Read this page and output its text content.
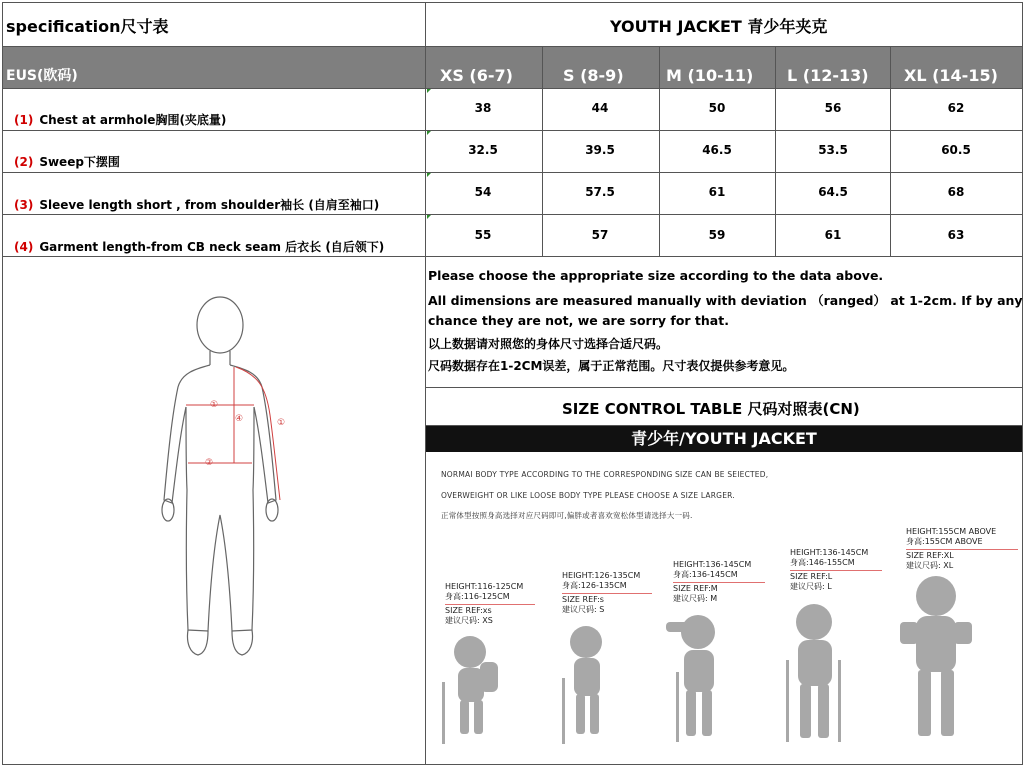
specification尺寸表	YOUTH JACKET 青少年夹克
EUS(欧码)	XS (6-7)	S (8-9)	M (10-11) L (12-13) XL (14-15)
(1) Chest at armhole胸围(夹底量)
38	44	50	56	62
(2) Sweep下摆围
32.5	39.5	46.5	53.5	60.5
(3) Sleeve length short , from shoulder袖长 (自肩至袖口)
54	57.5	61	64.5	68
(4) Garment length-from CB neck seam 后衣长 (自后领下)
55	57	59	61	63
①
②
④	①
Please choose the appropriate size according to the data above.
All dimensions are measured manually with deviation （ranged） at 1-2cm. If by any
chance they are not, we are sorry for that.
以上数据请对照您的身体尺寸选择合适尺码。
尺码数据存在1-2CM误差，属于正常范围。尺寸表仅提供参考意见。
SIZE CONTROL TABLE 尺码对照表(CN)
青少年/YOUTH JACKET
NORMAI BODY TYPE ACCORDING TO THE CORRESPONDING SIZE CAN BE SEIECTED,
OVERWEIGHT OR LIKE LOOSE BODY TYPE PLEASE CHOOSE A SIZE LARGER.
正常体型按照身高选择对应尺码即可,偏胖或者喜欢宽松体型请选择大一码.
HEIGHT:116-125CM
身高:116-125CM
SIZE REF:xs
建议尺码: XS
HEIGHT:126-135CM
身高:126-135CM
SIZE REF:s
建议尺码: S
HEIGHT:136-145CM
身高:136-145CM
SIZE REF:M
建议尺码: M
HEIGHT:136-145CM
身高:146-155CM
SIZE REF:L
建议尺码: L
HEIGHT:155CM ABOVE
身高:155CM ABOVE
SIZE REF:XL
建议尺码: XL
